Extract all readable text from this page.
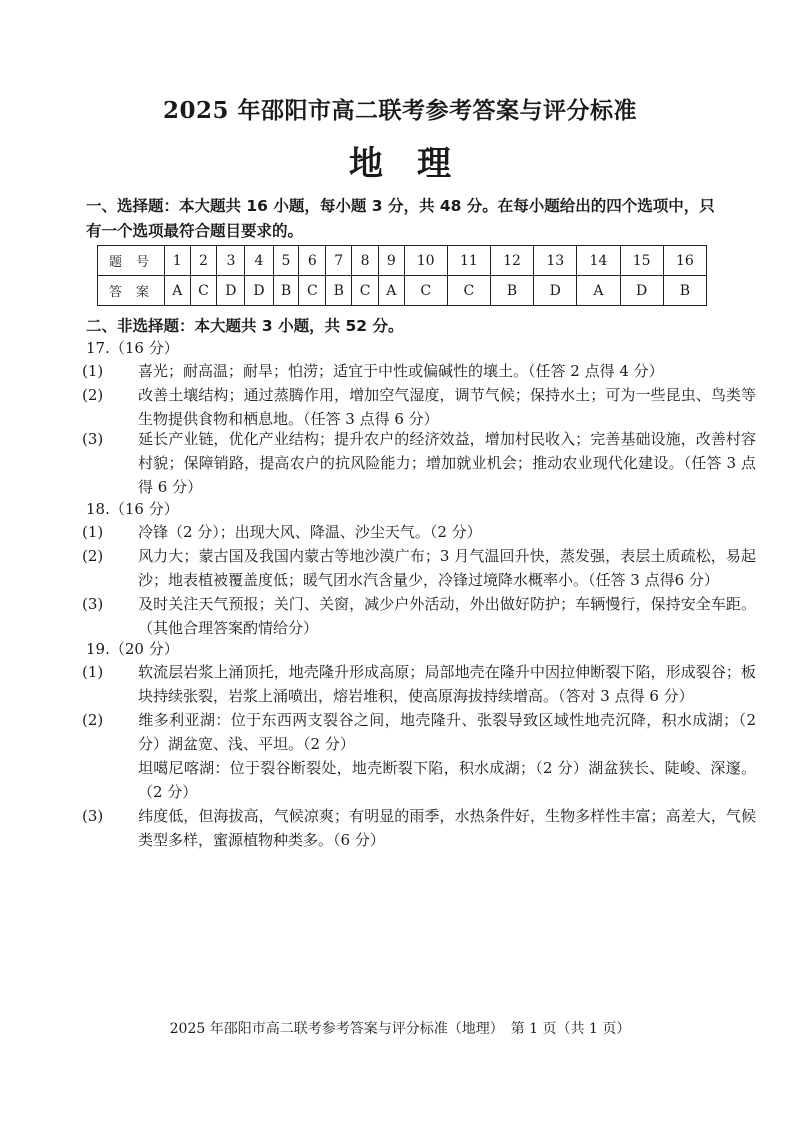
2025 年邵阳市高二联考参考答案与评分标准
地　理
一、选择题：本大题共 16 小题，每小题 3 分，共 48 分。在每小题给出的四个选项中，只有一个选项最符合题目要求的。
题号	1	2	3	4	5	6	7	8	9	10	11	12	13	14	15	16
答案	A	C	D	D	B	C	B	C	A	C	C	B	D	A	D	B
二、非选择题：本大题共 3 小题，共 52 分。
17.（16 分）
(1) 喜光；耐高温；耐旱；怕涝；适宜于中性或偏碱性的壤土。（任答 2 点得 4 分）
(2) 改善土壤结构；通过蒸腾作用，增加空气湿度，调节气候；保持水土；可为一些昆虫、鸟类等生物提供食物和栖息地。（任答 3 点得 6 分）
(3) 延长产业链，优化产业结构；提升农户的经济效益，增加村民收入；完善基础设施，改善村容村貌；保障销路，提高农户的抗风险能力；增加就业机会；推动农业现代化建设。（任答 3 点得 6 分）
18.（16 分）
(1) 冷锋（2 分）；出现大风、降温、沙尘天气。（2 分）
(2) 风力大；蒙古国及我国内蒙古等地沙漠广布；3 月气温回升快，蒸发强，表层土质疏松，易起沙；地表植被覆盖度低；暖气团水汽含量少，冷锋过境降水概率小。（任答 3 点得6 分）
(3) 及时关注天气预报；关门、关窗，减少户外活动，外出做好防护；车辆慢行，保持安全车距。（其他合理答案酌情给分）
19.（20 分）
(1) 软流层岩浆上涌顶托，地壳隆升形成高原；局部地壳在隆升中因拉伸断裂下陷，形成裂谷；板块持续张裂，岩浆上涌喷出，熔岩堆积，使高原海拔持续增高。（答对 3 点得 6 分）
(2) 维多利亚湖：位于东西两支裂谷之间，地壳隆升、张裂导致区域性地壳沉降，积水成湖；（2 分）湖盆宽、浅、平坦。（2 分）
坦噶尼喀湖：位于裂谷断裂处，地壳断裂下陷，积水成湖；（2 分）湖盆狭长、陡峻、深邃。（2 分）
(3) 纬度低，但海拔高，气候凉爽；有明显的雨季，水热条件好，生物多样性丰富；高差大，气候类型多样，蜜源植物种类多。（6 分）
2025 年邵阳市高二联考参考答案与评分标准（地理）　第 1 页（共 1 页）
